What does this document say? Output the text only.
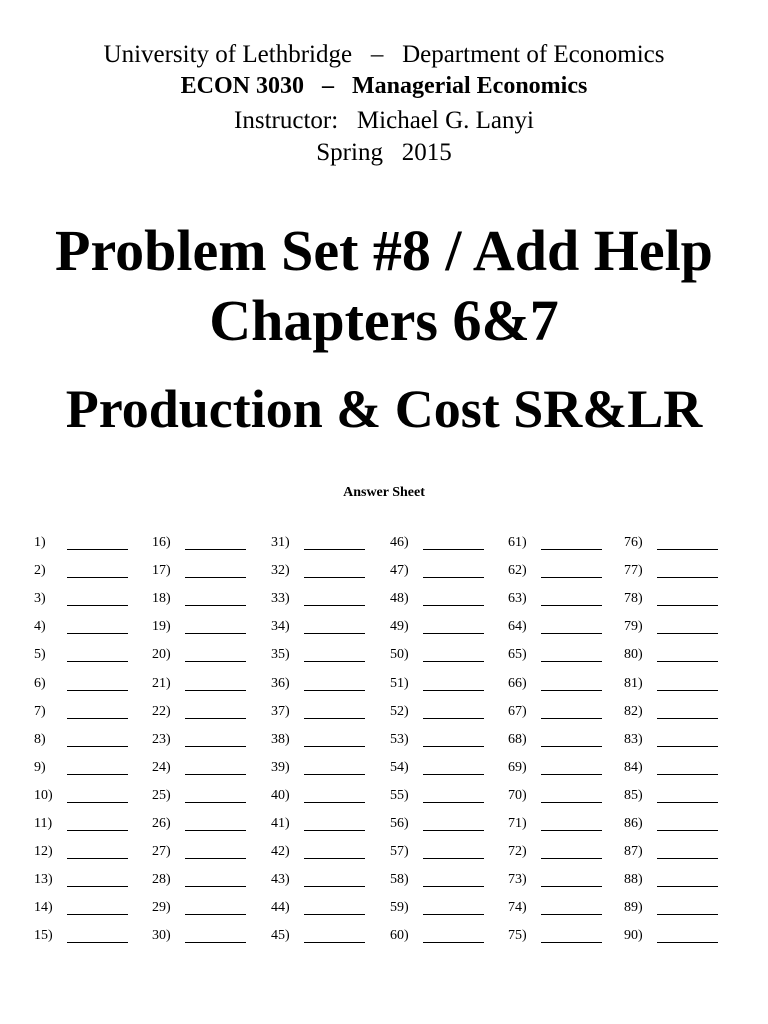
University of Lethbridge   –   Department of Economics
ECON 3030   –   Managerial Economics
Instructor:   Michael G. Lanyi
Spring   2015
Problem Set #8 / Add Help
Chapters 6&7
Production & Cost SR&LR
Answer Sheet
1)	16)	31)	46)	61)	76)
2)	17)	32)	47)	62)	77)
3)	18)	33)	48)	63)	78)
4)	19)	34)	49)	64)	79)
5)	20)	35)	50)	65)	80)
6)	21)	36)	51)	66)	81)
7)	22)	37)	52)	67)	82)
8)	23)	38)	53)	68)	83)
9)	24)	39)	54)	69)	84)
10)	25)	40)	55)	70)	85)
11)	26)	41)	56)	71)	86)
12)	27)	42)	57)	72)	87)
13)	28)	43)	58)	73)	88)
14)	29)	44)	59)	74)	89)
15)	30)	45)	60)	75)	90)
